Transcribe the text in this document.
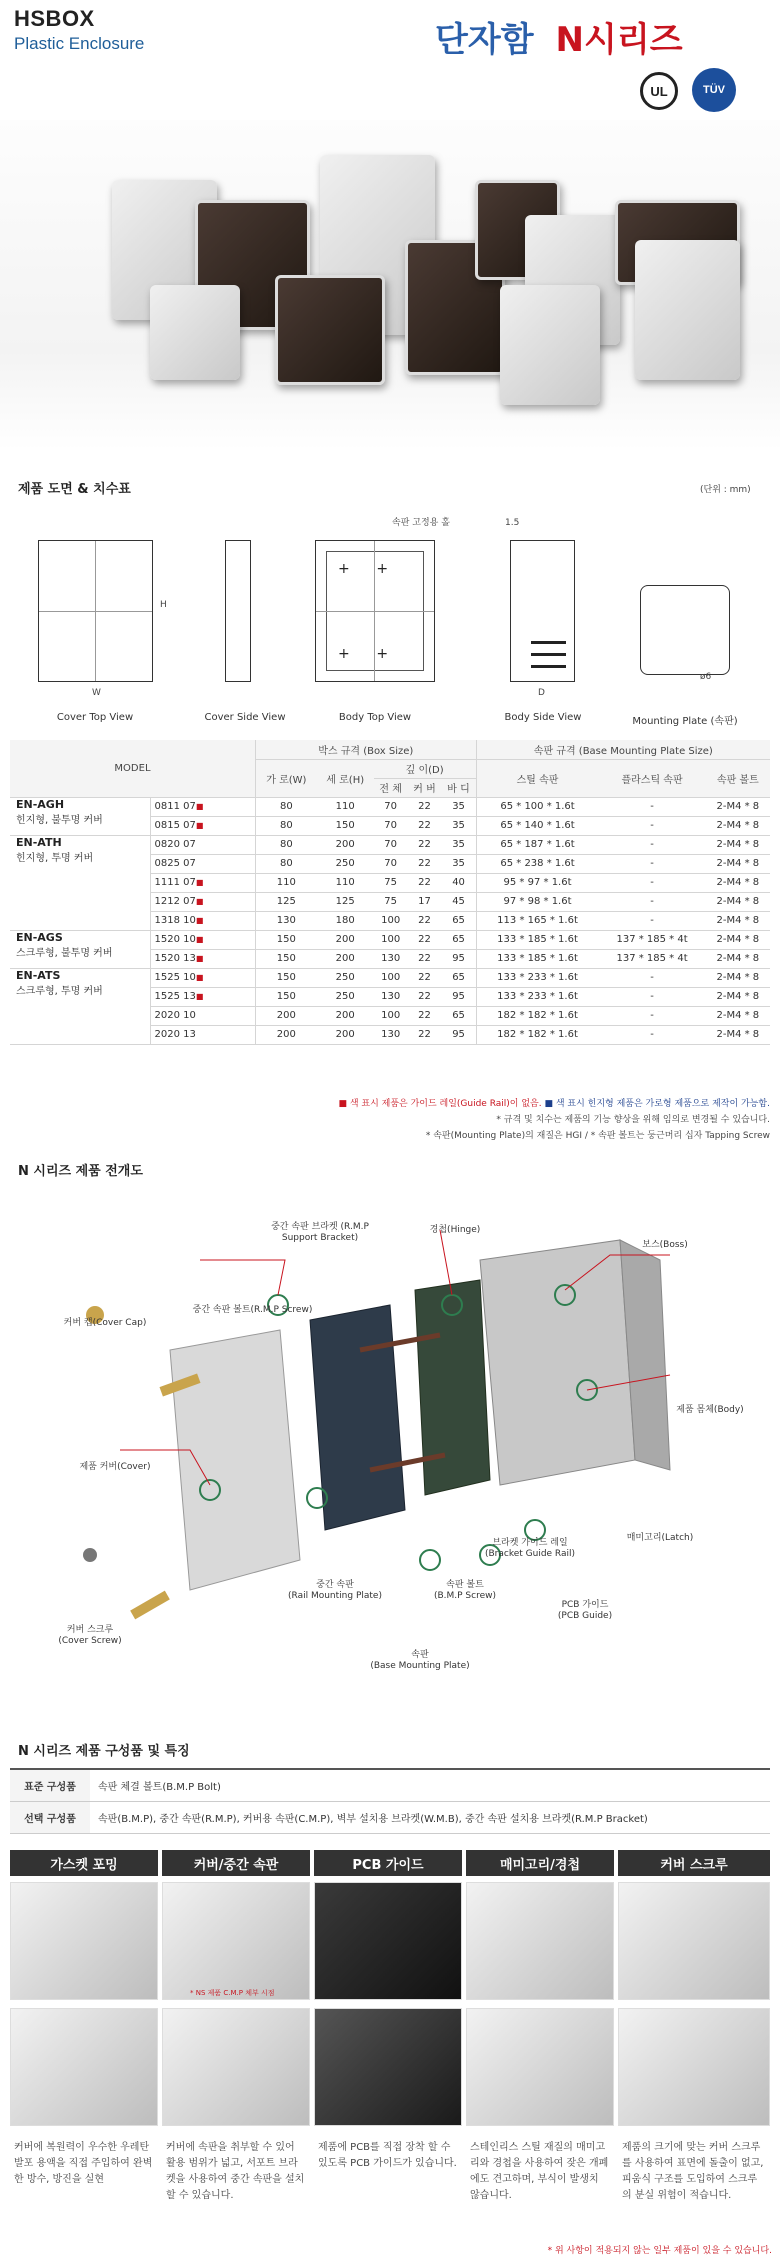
HSBOX
Plastic Enclosure	단자함 N시리즈
UL	TÜV
제품 도면 & 치수표	(단위 : mm)
H
W
Cover Top View	Cover Side View
속판 고정용 홀
+      +
+      +
Body Top View
1.5
D
Body Side View
ø6
Mounting Plate (속판)
MODEL		박스 규격 (Box Size)					속판 규격 (Base Mounting Plate Size)		
		가 로(W)	세 로(H)	깊 이(D)			스틸 속판	플라스틱 속판	속판 볼트
				전 체	커 버	바 디			

EN-AGH
힌지형, 불투명 커버	0811 07■	80	110	70	22	35	65 * 100 * 1.6t	-	2-M4 * 8
	0815 07■	80	150	70	22	35	65 * 140 * 1.6t	-	2-M4 * 8

EN-ATH
힌지형, 투명 커버	0820 07	80	200	70	22	35	65 * 187 * 1.6t	-	2-M4 * 8
	0825 07	80	250	70	22	35	65 * 238 * 1.6t	-	2-M4 * 8
	1111 07■	110	110	75	22	40	95 * 97 * 1.6t	-	2-M4 * 8
	1212 07■	125	125	75	17	45	97 * 98 * 1.6t	-	2-M4 * 8
	1318 10■	130	180	100	22	65	113 * 165 * 1.6t	-	2-M4 * 8

EN-AGS
스크루형, 불투명 커버	1520 10■	150	200	100	22	65	133 * 185 * 1.6t	137 * 185 * 4t	2-M4 * 8
	1520 13■	150	200	130	22	95	133 * 185 * 1.6t	137 * 185 * 4t	2-M4 * 8

EN-ATS
스크루형, 투명 커버	1525 10■	150	250	100	22	65	133 * 233 * 1.6t	-	2-M4 * 8
	1525 13■	150	250	130	22	95	133 * 233 * 1.6t	-	2-M4 * 8
	2020 10	200	200	100	22	65	182 * 182 * 1.6t	-	2-M4 * 8
	2020 13	200	200	130	22	95	182 * 182 * 1.6t	-	2-M4 * 8
■ 색 표시 제품은 가이드 레일(Guide Rail)이 없음. ■ 색 표시 힌지형 제품은 가로형 제품으로 제작이 가능함.
* 규격 및 치수는 제품의 기능 향상을 위해 임의로 변경될 수 있습니다.
* 속판(Mounting Plate)의 재질은 HGI / * 속판 볼트는 둥근머리 십자 Tapping Screw
N 시리즈 제품 전개도
중간 속판 브라켓 (R.M.P Support Bracket)
경첩(Hinge)
보스(Boss)
중간 속판 볼트(R.M.P Screw)
커버 캡(Cover Cap)
제품 몸체(Body)
제품 커버(Cover)
매미고리(Latch)
브라켓 가이드 레일
(Bracket Guide Rail)
중간 속판
(Rail Mounting Plate)
속판 볼트
(B.M.P Screw)
PCB 가이드
(PCB Guide)
커버 스크루
(Cover Screw)
속판
(Base Mounting Plate)
N 시리즈 제품 구성품 및 특징
표준 구성품	속판 체결 볼트(B.M.P Bolt)
선택 구성품	속판(B.M.P), 중간 속판(R.M.P), 커버용 속판(C.M.P), 벽부 설치용 브라켓(W.M.B), 중간 속판 설치용 브라켓(R.M.P Bracket)
가스켓 포밍	커버/중간 속판	PCB 가이드	매미고리/경첩	커버 스크루
* NS 제품 C.M.P 체부 시점
커버에 복원력이 우수한 우레탄 발포 용액을 직접 주입하여 완벽한 방수, 방진을 실현
커버에 속판을 취부할 수 있어 활용 범위가 넓고, 서포트 브라켓을 사용하여 중간 속판을 설치할 수 있습니다.
제품에 PCB를 직접 장착 할 수 있도록 PCB 가이드가 있습니다.
스테인리스 스틸 재질의 매미고리와 경첩을 사용하여 잦은 개폐에도 견고하며, 부식이 발생치 않습니다.
제품의 크기에 맞는 커버 스크루를 사용하여 표면에 돌출이 없고, 피움식 구조를 도입하여 스크루의 분실 위험이 적습니다.
* 위 사항이 적용되지 않는 일부 제품이 있을 수 있습니다.
